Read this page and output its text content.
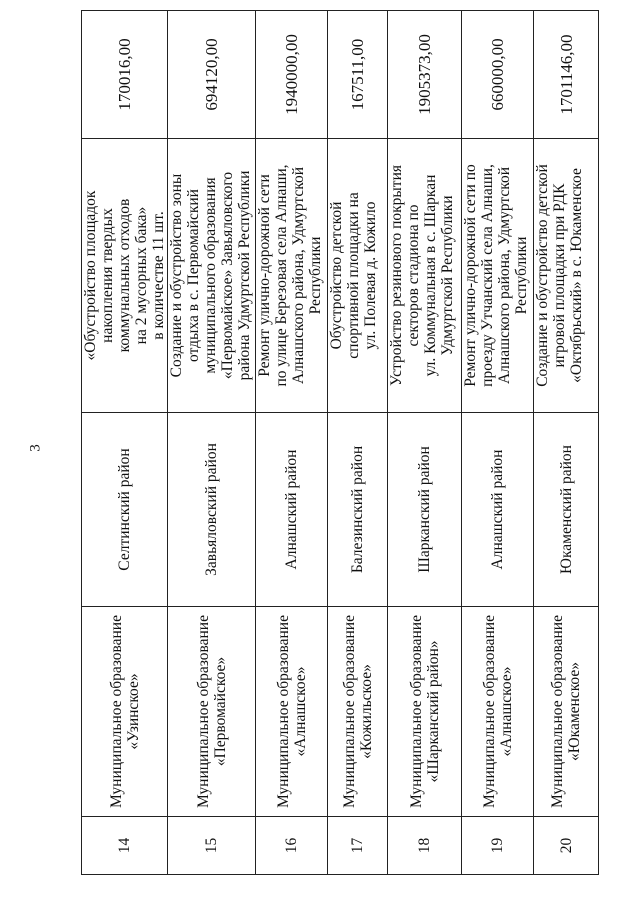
3
14	Муниципальное образование
«Узинское»	Селтинский район	«Обустройство площадок
накопления твердых
коммунальных отходов
на 2 мусорных бака»
в количестве 11 шт.	170016,00
15	Муниципальное образование
«Первомайское»	Завьяловский район	Создание и обустройство зоны
отдыха в с. Первомайский
муниципального образования
«Первомайское» Завьяловского
района Удмуртской Республики	694120,00
16	Муниципальное образование
«Алнашское»	Алнашский район	Ремонт улично-дорожной сети
по улице Березовая села Алнаши,
Алнашского района, Удмуртской
Республики	1940000,00
17	Муниципальное образование
«Кожильское»	Балезинский район	Обустройство детской
спортивной площадки на
ул. Полевая д. Кожило	167511,00
18	Муниципальное образование
«Шарканский район»	Шарканский район	Устройство резинового покрытия
секторов стадиона по
ул. Коммунальная в с. Шаркан
Удмуртской Республики	1905373,00
19	Муниципальное образование
«Алнашское»	Алнашский район	Ремонт улично-дорожной сети по
проезду Утчанский села Алнаши,
Алнашского района, Удмуртской
Республики	660000,00
20	Муниципальное образование
«Юкаменское»	Юкаменский район	Создание и обустройство детской
игровой площадки при РДК
«Октябрьский» в с. Юкаменское	1701146,00
